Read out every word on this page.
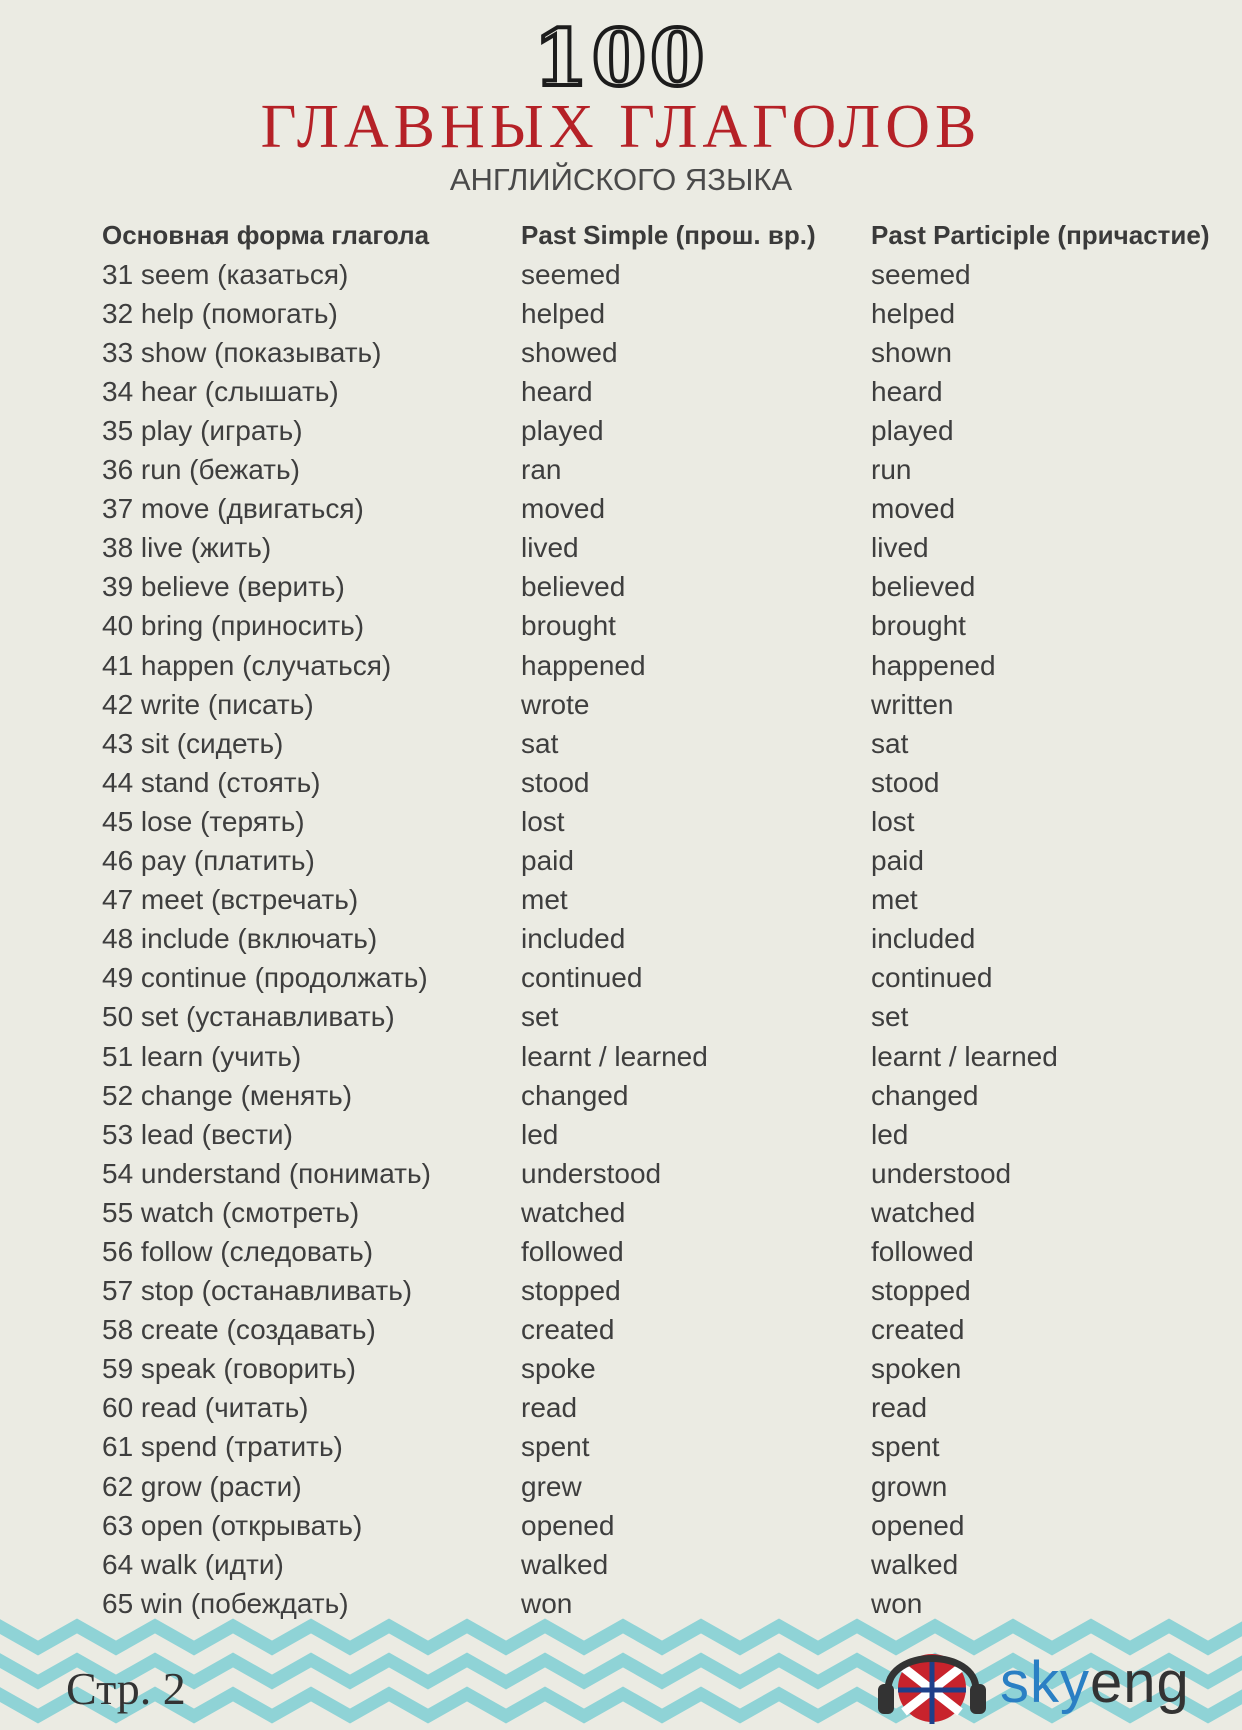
100
ГЛАВНЫХ ГЛАГОЛОВ
АНГЛИЙСКОГО ЯЗЫКА
Основная форма глагола	Past Simple (прош. вр.)	Past Participle (причастие)
31 seem (казаться)	seemed	seemed
32 help (помогать)	helped	helped
33 show (показывать)	showed	shown
34 hear (слышать)	heard	heard
35 play (играть)	played	played
36 run (бежать)	ran	run
37 move (двигаться)	moved	moved
38 live (жить)	lived	lived
39 believe (верить)	believed	believed
40 bring (приносить)	brought	brought
41 happen (случаться)	happened	happened
42 write (писать)	wrote	written
43 sit (сидеть)	sat	sat
44 stand (стоять)	stood	stood
45 lose (терять)	lost	lost
46 pay (платить)	paid	paid
47 meet (встречать)	met	met
48 include (включать)	included	included
49 continue (продолжать)	continued	continued
50 set (устанавливать)	set	set
51 learn (учить)	learnt / learned	learnt / learned
52 change (менять)	changed	changed
53 lead (вести)	led	led
54 understand (понимать)	understood	understood
55 watch (смотреть)	watched	watched
56 follow (следовать)	followed	followed
57 stop (останавливать)	stopped	stopped
58 create (создавать)	created	created
59 speak (говорить)	spoke	spoken
60 read (читать)	read	read
61 spend (тратить)	spent	spent
62 grow (расти)	grew	grown
63 open (открывать)	opened	opened
64 walk (идти)	walked	walked
65 win (побеждать)	won	won
Стр. 2	skyeng
